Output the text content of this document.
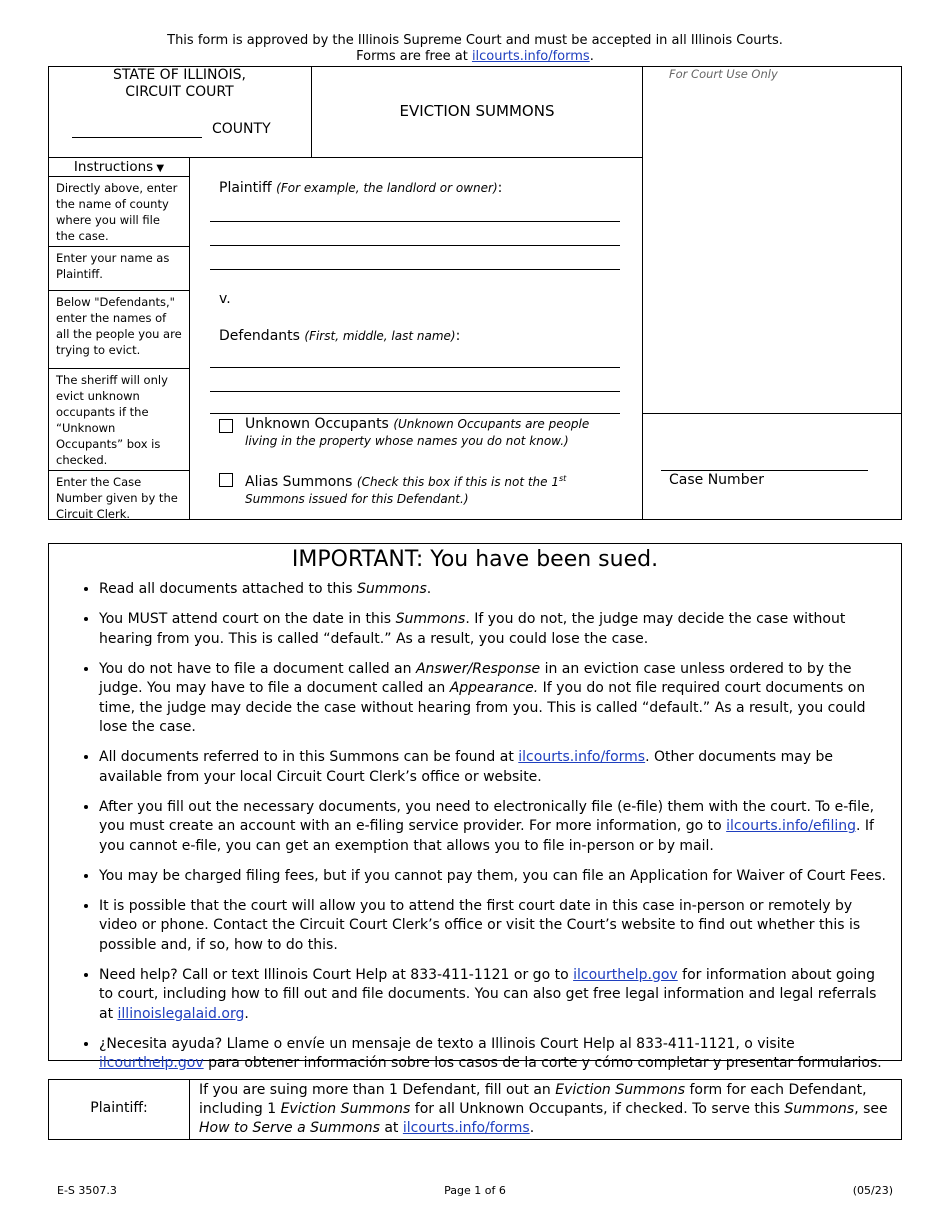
This form is approved by the Illinois Supreme Court and must be accepted in all Illinois Courts.
Forms are free at ilcourts.info/forms.
STATE OF ILLINOIS,
CIRCUIT COURT
COUNTY
EVICTION SUMMONS
For Court Use Only
Case Number
Instructions ▼
Directly above, enter the name of county where you will file the case.
Enter your name as Plaintiff.
Below "Defendants," enter the names of all the people you are trying to evict.
The sheriff will only evict unknown occupants if the “Unknown Occupants” box is checked.
Enter the Case Number given by the Circuit Clerk.
Plaintiff (For example, the landlord or owner):
v.
Defendants (First, middle, last name):
Unknown Occupants (Unknown Occupants are people living in the property whose names you do not know.)
Alias Summons (Check this box if this is not the 1st
Summons issued for this Defendant.)
IMPORTANT: You have been sued.
• Read all documents attached to this Summons.
• You MUST attend court on the date in this Summons. If you do not, the judge may decide the case without hearing from you. This is called “default.” As a result, you could lose the case.
• You do not have to file a document called an Answer/Response in an eviction case unless ordered to by the judge. You may have to file a document called an Appearance. If you do not file required court documents on time, the judge may decide the case without hearing from you. This is called “default.” As a result, you could lose the case.
• All documents referred to in this Summons can be found at ilcourts.info/forms. Other documents may be available from your local Circuit Court Clerk’s office or website.
• After you fill out the necessary documents, you need to electronically file (e-file) them with the court. To e-file, you must create an account with an e-filing service provider. For more information, go to ilcourts.info/efiling. If you cannot e-file, you can get an exemption that allows you to file in-person or by mail.
• You may be charged filing fees, but if you cannot pay them, you can file an Application for Waiver of Court Fees.
• It is possible that the court will allow you to attend the first court date in this case in-person or remotely by video or phone. Contact the Circuit Court Clerk’s office or visit the Court’s website to find out whether this is possible and, if so, how to do this.
• Need help? Call or text Illinois Court Help at 833-411-1121 or go to ilcourthelp.gov for information about going to court, including how to fill out and file documents. You can also get free legal information and legal referrals at illinoislegalaid.org.
• ¿Necesita ayuda? Llame o envíe un mensaje de texto a Illinois Court Help al 833-411-1121, o visite ilcourthelp.gov para obtener información sobre los casos de la corte y cómo completar y presentar formularios.
Plaintiff:
If you are suing more than 1 Defendant, fill out an Eviction Summons form for each Defendant, including 1 Eviction Summons for all Unknown Occupants, if checked. To serve this Summons, see How to Serve a Summons at ilcourts.info/forms.
E-S 3507.3	Page 1 of 6	(05/23)
